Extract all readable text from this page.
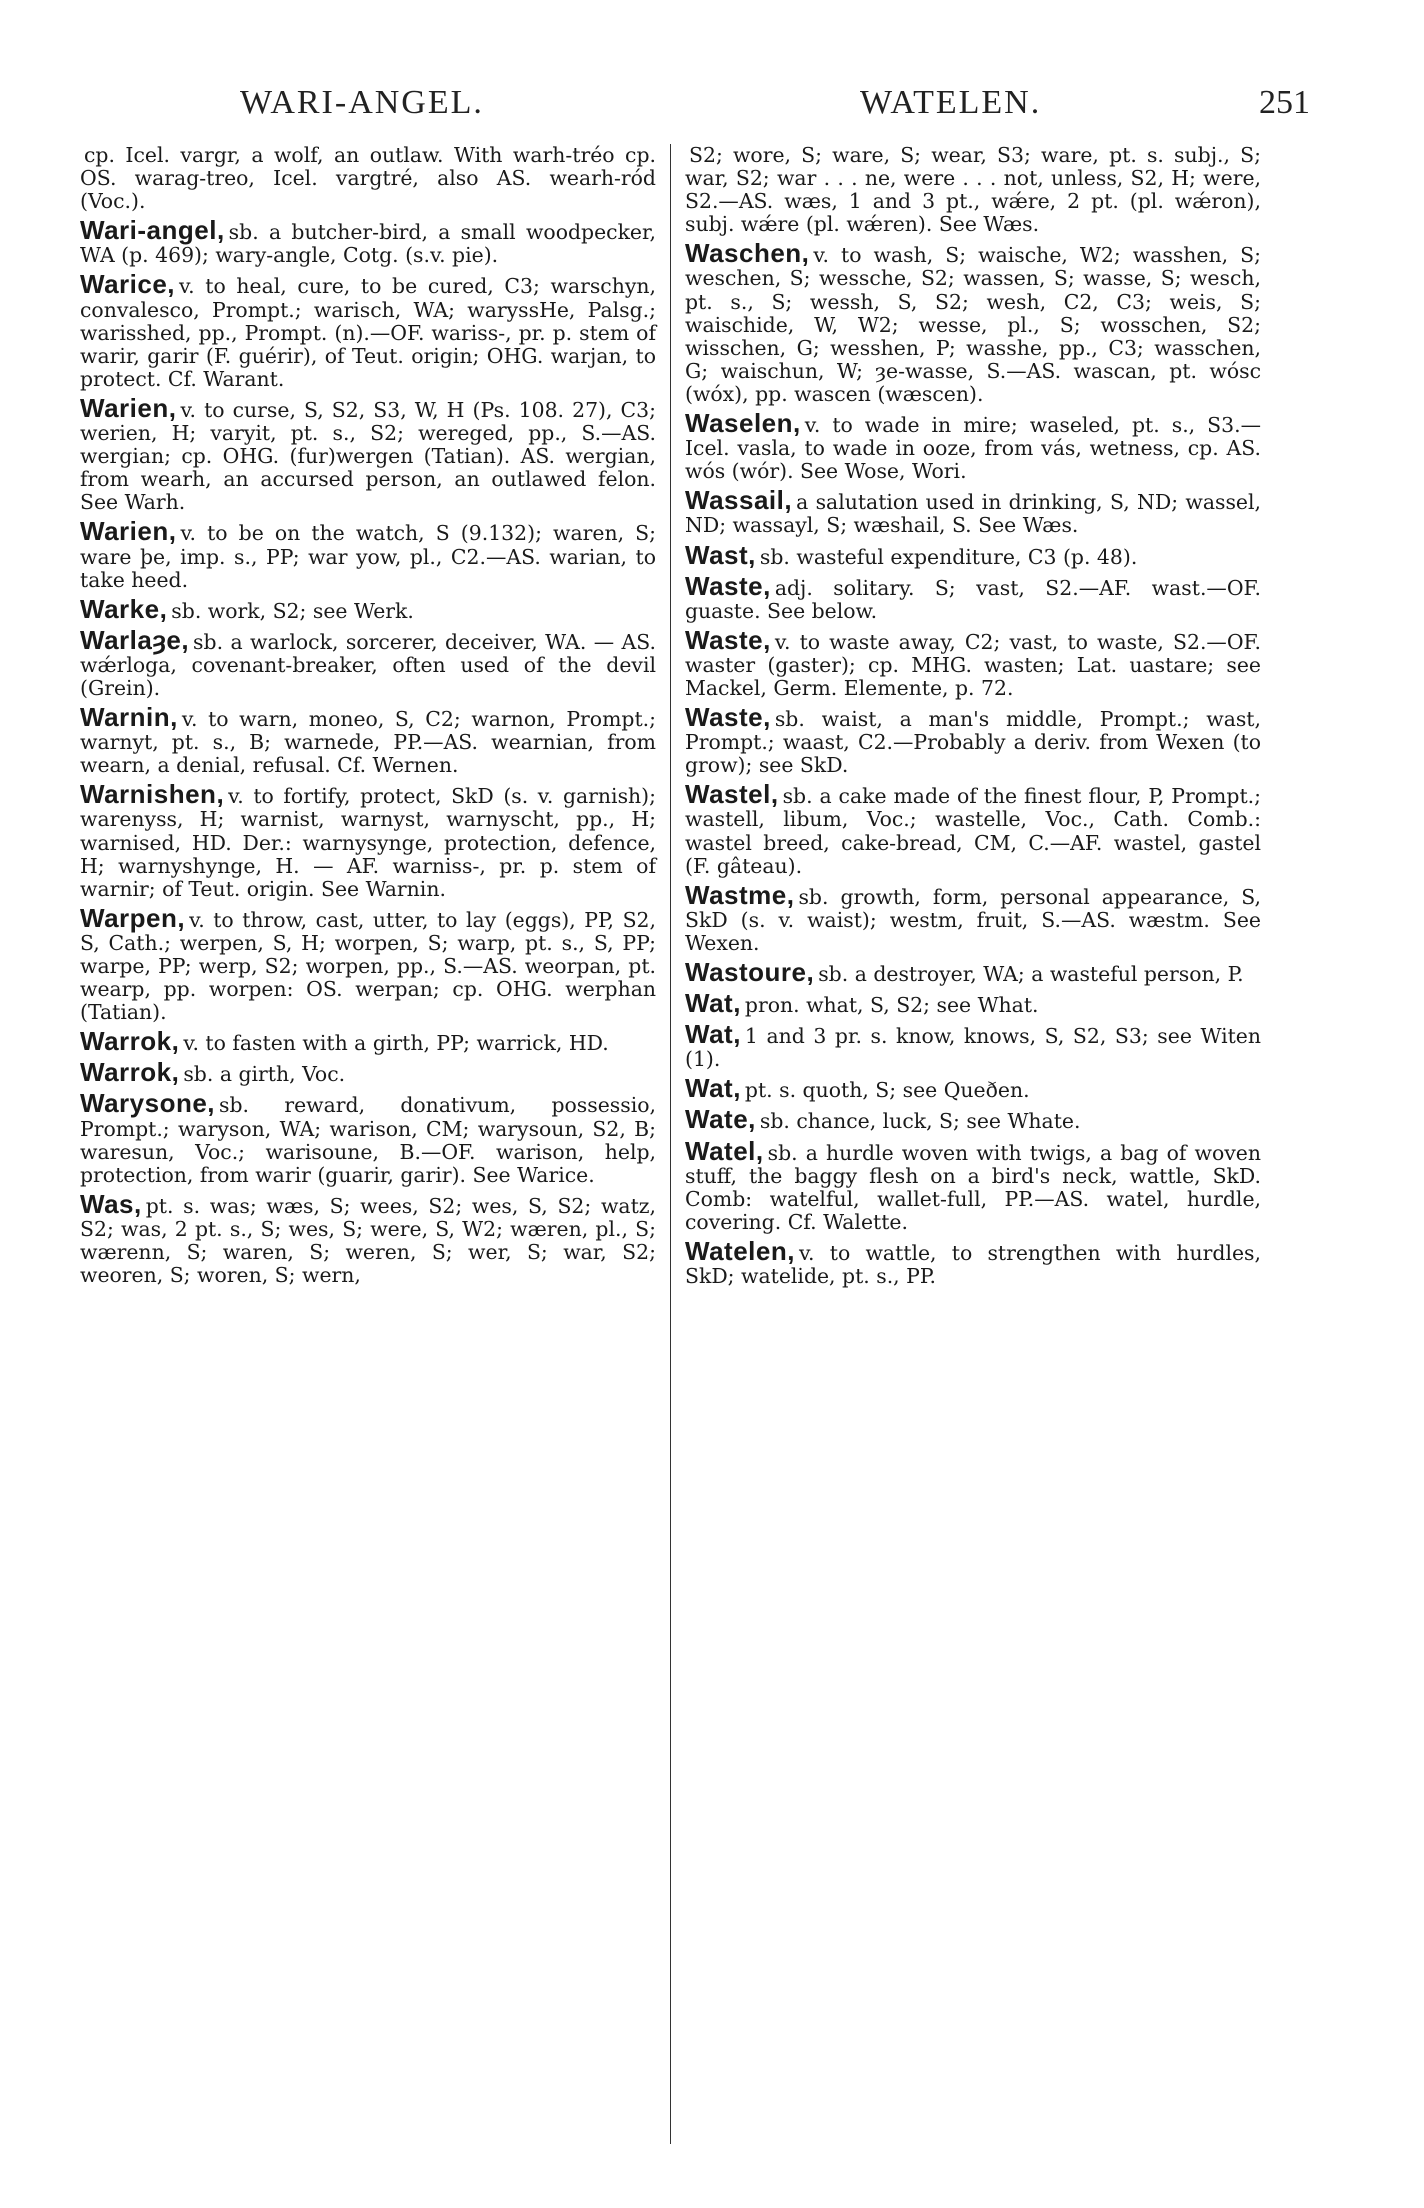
WARI-ANGEL.	WATELEN.	251

cp. Icel. vargr, a wolf, an outlaw. With warh-tréo cp. OS. warag-treo, Icel. vargtré, also AS. wearh-ród (Voc.).

Wari-angel, sb. a butcher-bird, a small woodpecker, WA (p. 469); wary-angle, Cotg. (s.v. pie).

Warice, v. to heal, cure, to be cured, C3; warschyn, convalesco, Prompt.; warisch, WA; waryssHe, Palsg.; warisshed, pp., Prompt. (n).—OF. wariss-, pr. p. stem of warir, garir (F. guérir), of Teut. origin; OHG. warjan, to protect. Cf. Warant.

Warien, v. to curse, S, S2, S3, W, H (Ps. 108. 27), C3; werien, H; varyit, pt. s., S2; wereged, pp., S.—AS. wergian; cp. OHG. (fur)wergen (Tatian). AS. wergian, from wearh, an accursed person, an outlawed felon. See Warh.

Warien, v. to be on the watch, S (9.132); waren, S; ware þe, imp. s., PP; war yow, pl., C2.—AS. warian, to take heed.

Warke, sb. work, S2; see Werk.

Warlaȝe, sb. a warlock, sorcerer, deceiver, WA. — AS. wǽrloga, covenant-breaker, often used of the devil (Grein).

Warnin, v. to warn, moneo, S, C2; warnon, Prompt.; warnyt, pt. s., B; warnede, PP.—AS. wearnian, from wearn, a denial, refusal. Cf. Wernen.

Warnishen, v. to fortify, protect, SkD (s. v. garnish); warenyss, H; warnist, warnyst, warnyscht, pp., H; warnised, HD. Der.: warnysynge, protection, defence, H; warnyshynge, H. — AF. warniss-, pr. p. stem of warnir; of Teut. origin. See Warnin.

Warpen, v. to throw, cast, utter, to lay (eggs), PP, S2, S, Cath.; werpen, S, H; worpen, S; warp, pt. s., S, PP; warpe, PP; werp, S2; worpen, pp., S.—AS. weorpan, pt. wearp, pp. worpen: OS. werpan; cp. OHG. werphan (Tatian).

Warrok, v. to fasten with a girth, PP; warrick, HD.

Warrok, sb. a girth, Voc.

Warysone, sb. reward, donativum, possessio, Prompt.; waryson, WA; warison, CM; warysoun, S2, B; waresun, Voc.; warisoune, B.—OF. warison, help, protection, from warir (guarir, garir). See Warice.

Was, pt. s. was; wæs, S; wees, S2; wes, S, S2; watz, S2; was, 2 pt. s., S; wes, S; were, S, W2; wæren, pl., S; wærenn, S; waren, S; weren, S; wer, S; war, S2; weoren, S; woren, S; wern,

S2; wore, S; ware, S; wear, S3; ware, pt. s. subj., S; war, S2; war . . . ne, were . . . not, unless, S2, H; were, S2.—AS. wæs, 1 and 3 pt., wǽre, 2 pt. (pl. wǽron), subj. wǽre (pl. wǽren). See Wæs.

Waschen, v. to wash, S; waische, W2; wasshen, S; weschen, S; wessche, S2; wassen, S; wasse, S; wesch, pt. s., S; wessh, S, S2; wesh, C2, C3; weis, S; waischide, W, W2; wesse, pl., S; wosschen, S2; wisschen, G; wesshen, P; wasshe, pp., C3; wasschen, G; waischun, W; ȝe-wasse, S.—AS. wascan, pt. wósc (wóx), pp. wascen (wæscen).

Waselen, v. to wade in mire; waseled, pt. s., S3.—Icel. vasla, to wade in ooze, from vás, wetness, cp. AS. wós (wór). See Wose, Wori.

Wassail, a salutation used in drinking, S, ND; wassel, ND; wassayl, S; wæshail, S. See Wæs.

Wast, sb. wasteful expenditure, C3 (p. 48).

Waste, adj. solitary. S; vast, S2.—AF. wast.—OF. guaste. See below.

Waste, v. to waste away, C2; vast, to waste, S2.—OF. waster (gaster); cp. MHG. wasten; Lat. uastare; see Mackel, Germ. Elemente, p. 72.

Waste, sb. waist, a man's middle, Prompt.; wast, Prompt.; waast, C2.—Probably a deriv. from Wexen (to grow); see SkD.

Wastel, sb. a cake made of the finest flour, P, Prompt.; wastell, libum, Voc.; wastelle, Voc., Cath. Comb.: wastel breed, cake-bread, CM, C.—AF. wastel, gastel (F. gâteau).

Wastme, sb. growth, form, personal appearance, S, SkD (s. v. waist); westm, fruit, S.—AS. wæstm. See Wexen.

Wastoure, sb. a destroyer, WA; a wasteful person, P.

Wat, pron. what, S, S2; see What.

Wat, 1 and 3 pr. s. know, knows, S, S2, S3; see Witen (1).

Wat, pt. s. quoth, S; see Queðen.

Wate, sb. chance, luck, S; see Whate.

Watel, sb. a hurdle woven with twigs, a bag of woven stuff, the baggy flesh on a bird's neck, wattle, SkD. Comb: watelful, wallet-full, PP.—AS. watel, hurdle, covering. Cf. Walette.

Watelen, v. to wattle, to strengthen with hurdles, SkD; watelide, pt. s., PP.
